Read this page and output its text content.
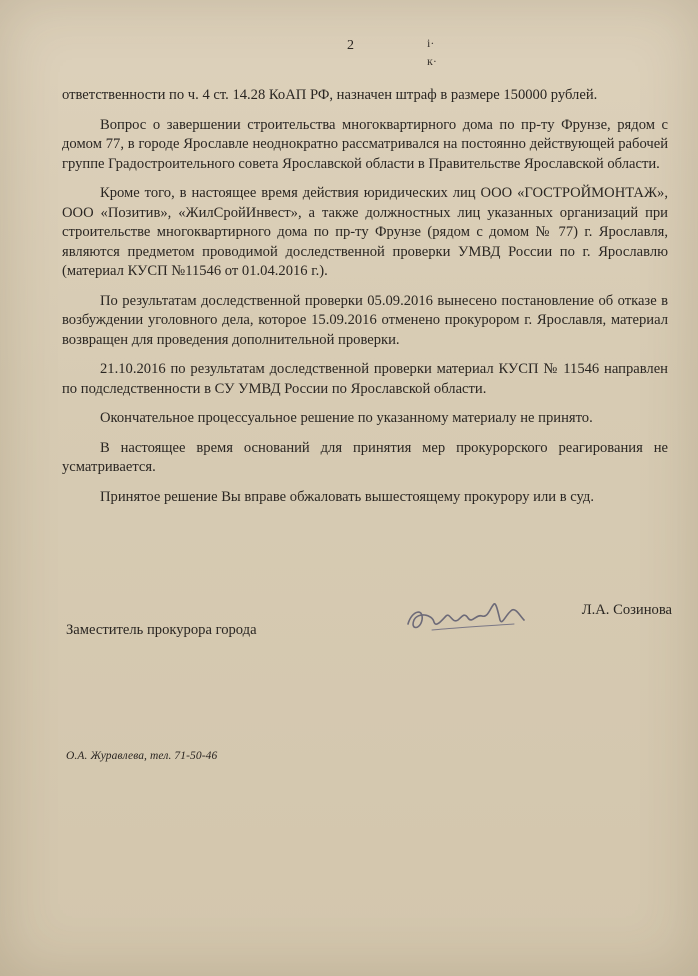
2	і·
к·

ответственности по ч. 4 ст. 14.28 КоАП РФ, назначен штраф в размере 150000 рублей.

Вопрос о завершении строительства многоквартирного дома по пр-ту Фрунзе, рядом с домом 77, в городе Ярославле неоднократно рассматривался на постоянно действующей рабочей группе Градостроительного совета Ярославской области в Правительстве Ярославской области.

Кроме того, в настоящее время действия юридических лиц ООО «ГОСТРОЙМОНТАЖ», ООО «Позитив», «ЖилСройИнвест», а также должностных лиц указанных организаций при строительстве многоквартирного дома по пр-ту Фрунзе (рядом с домом № 77) г. Ярославля, являются предметом проводимой доследственной проверки УМВД России по г. Ярославлю (материал КУСП №11546 от 01.04.2016 г.).

По результатам доследственной проверки 05.09.2016 вынесено постановление об отказе в возбуждении уголовного дела, которое 15.09.2016 отменено прокурором г. Ярославля, материал возвращен для проведения дополнительной проверки.

21.10.2016 по результатам доследственной проверки материал КУСП № 11546 направлен по подследственности в СУ УМВД России по Ярославской области.

Окончательное процессуальное решение по указанному материалу не принято.

В настоящее время оснований для принятия мер прокурорского реагирования не усматривается.

Принятое решение Вы вправе обжаловать вышестоящему прокурору или в суд.

Заместитель прокурора города
Л.А. Созинова
О.А. Журавлева, тел. 71-50-46
